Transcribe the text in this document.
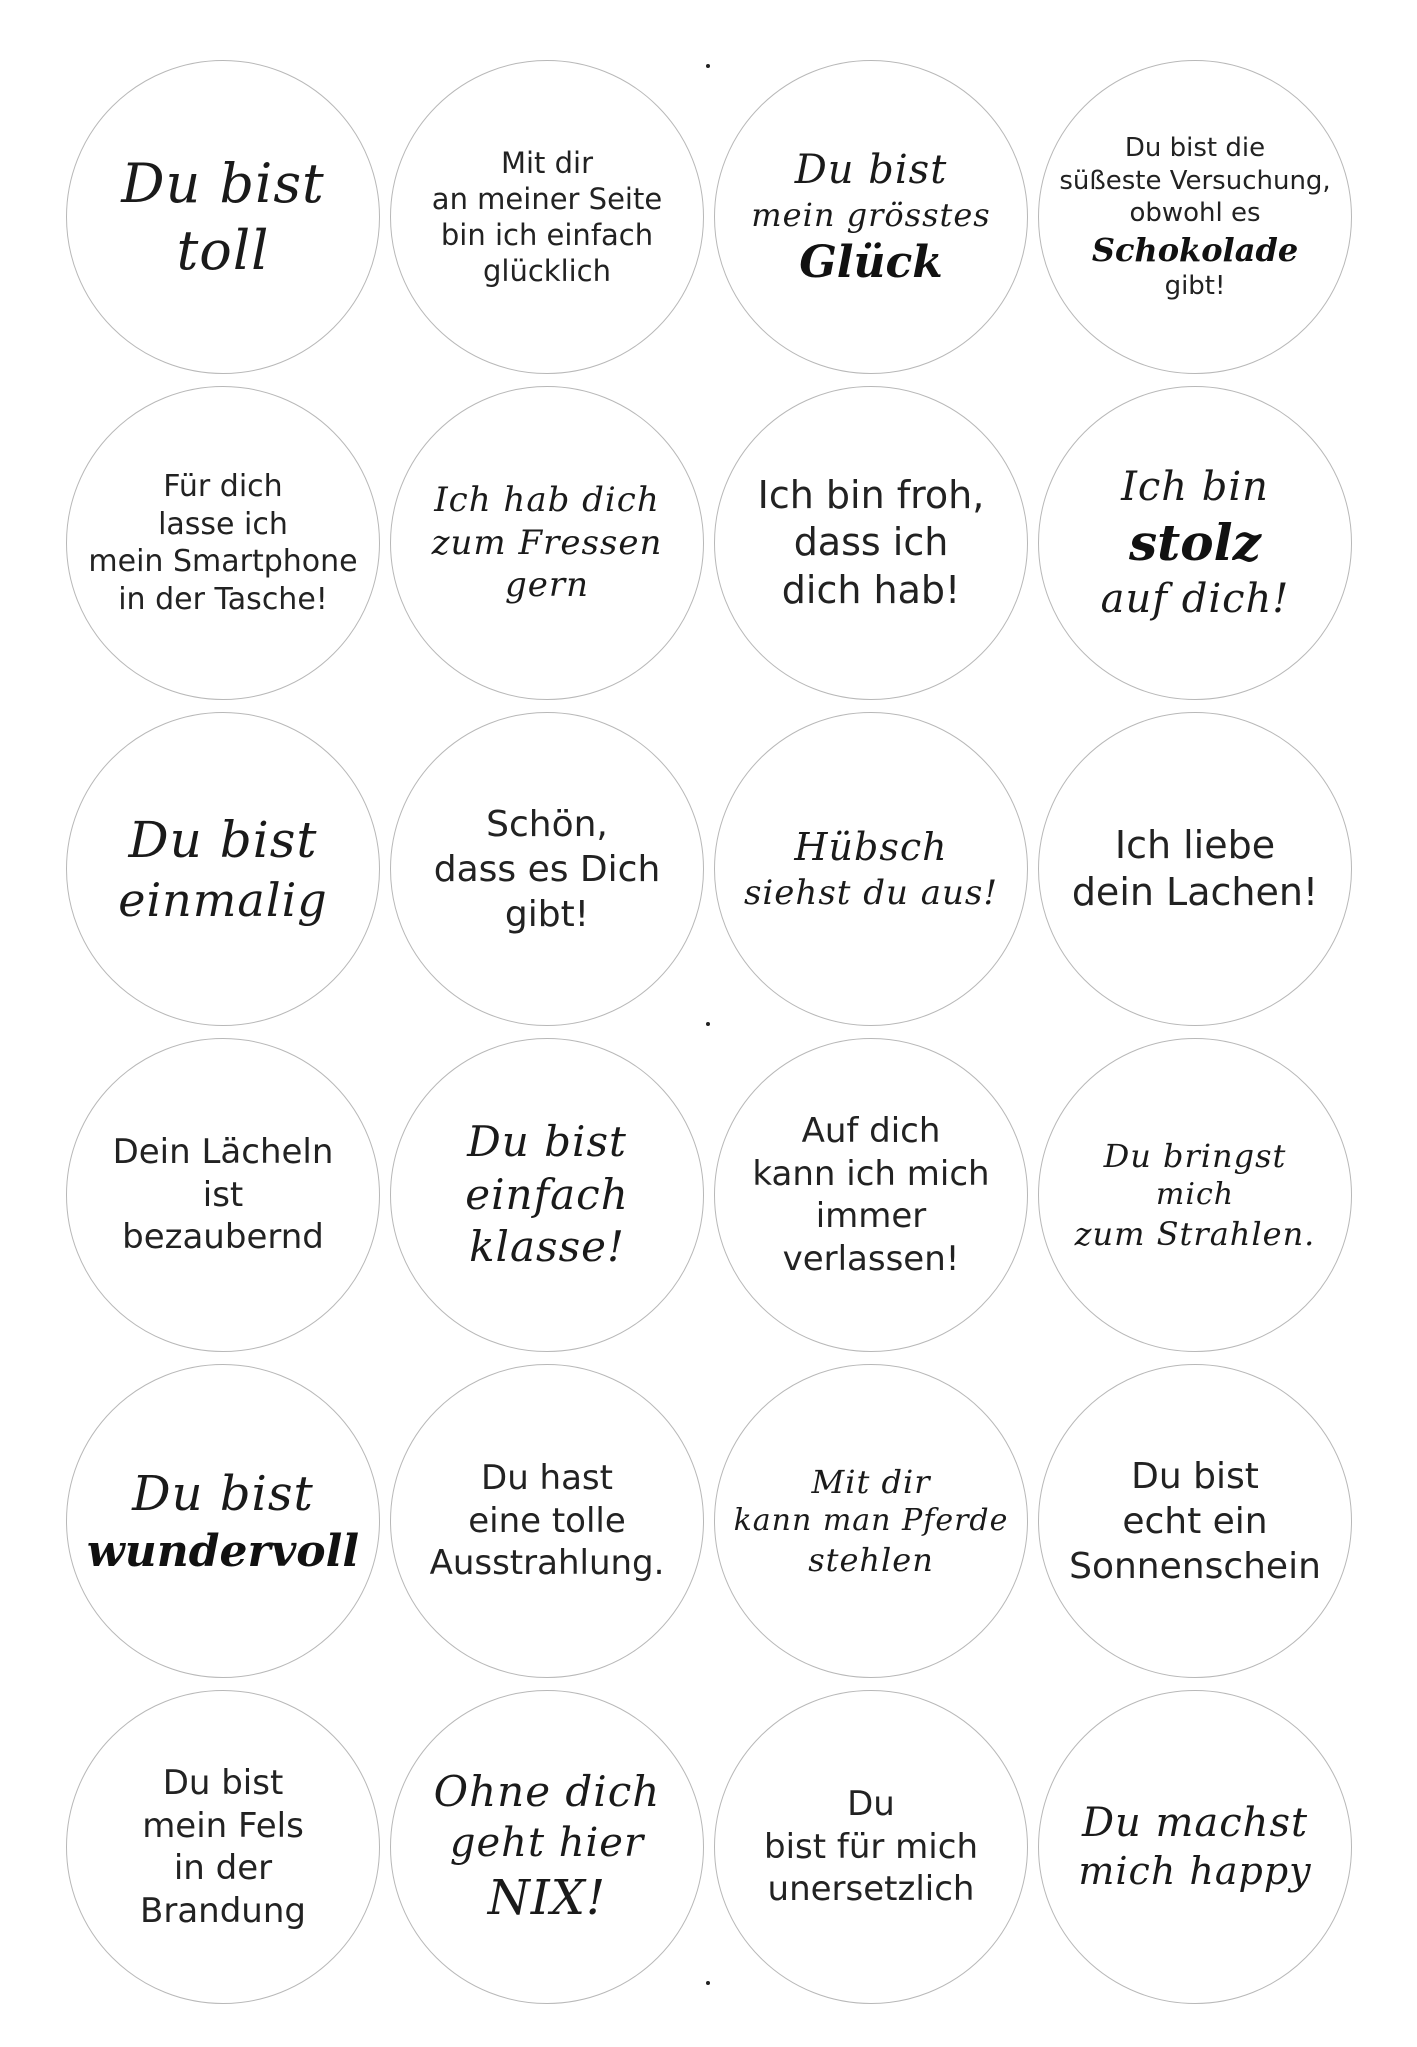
Du bist
toll
Mit dir
an meiner Seite
bin ich einfach
glücklich
Du bist
mein grösstes
Glück
Du bist die
süßeste Versuchung,
obwohl es
Schokolade
gibt!
Für dich
lasse ich
mein Smartphone
in der Tasche!
Ich hab dich
zum Fressen
gern
Ich bin froh,
dass ich
dich hab!
Ich bin
stolz
auf dich!
Du bist
einmalig
Schön,
dass es Dich
gibt!
Hübsch
siehst du aus!
Ich liebe
dein Lachen!
Dein Lächeln
ist
bezaubernd
Du bist
einfach
klasse!
Auf dich
kann ich mich
immer
verlassen!
Du bringst
mich
zum Strahlen.
Du bist
wundervoll
Du hast
eine tolle
Ausstrahlung.
Mit dir
kann man Pferde
stehlen
Du bist
echt ein
Sonnenschein
Du bist
mein Fels
in der
Brandung
Ohne dich
geht hier
NIX!
Du
bist für mich
unersetzlich
Du machst
mich happy
